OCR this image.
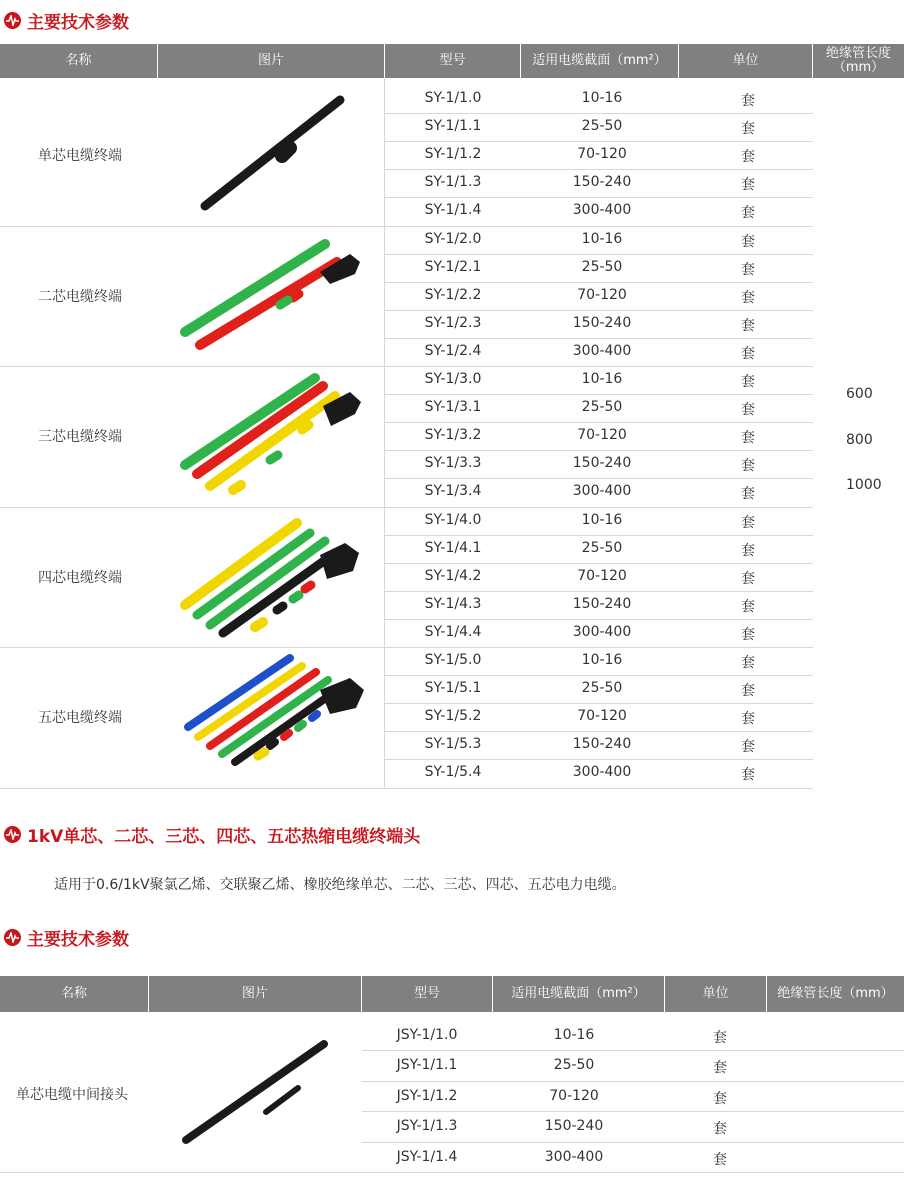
主要技术参数
名称	图片	型号	适用电缆截面（mm²）	单位	绝缘管长度（mm）
SY-1/1.0	10-16	套
SY-1/1.1	25-50	套
SY-1/1.2	70-120	套
SY-1/1.3	150-240	套
SY-1/1.4	300-400	套
单芯电缆终端
SY-1/2.0	10-16	套
SY-1/2.1	25-50	套
SY-1/2.2	70-120	套
SY-1/2.3	150-240	套
SY-1/2.4	300-400	套
二芯电缆终端
SY-1/3.0	10-16	套
SY-1/3.1	25-50	套
SY-1/3.2	70-120	套
SY-1/3.3	150-240	套
SY-1/3.4	300-400	套
三芯电缆终端
SY-1/4.0	10-16	套
SY-1/4.1	25-50	套
SY-1/4.2	70-120	套
SY-1/4.3	150-240	套
SY-1/4.4	300-400	套
四芯电缆终端
SY-1/5.0	10-16	套
SY-1/5.1	25-50	套
SY-1/5.2	70-120	套
SY-1/5.3	150-240	套
SY-1/5.4	300-400	套
五芯电缆终端
600
800
1000
1kV单芯、二芯、三芯、四芯、五芯热缩电缆终端头
适用于0.6/1kV聚氯乙烯、交联聚乙烯、橡胶绝缘单芯、二芯、三芯、四芯、五芯电力电缆。
主要技术参数
名称	图片	型号	适用电缆截面（mm²）	单位	绝缘管长度（mm）
JSY-1/1.0	10-16	套
JSY-1/1.1	25-50	套
JSY-1/1.2	70-120	套
JSY-1/1.3	150-240	套
JSY-1/1.4	300-400	套
单芯电缆中间接头
